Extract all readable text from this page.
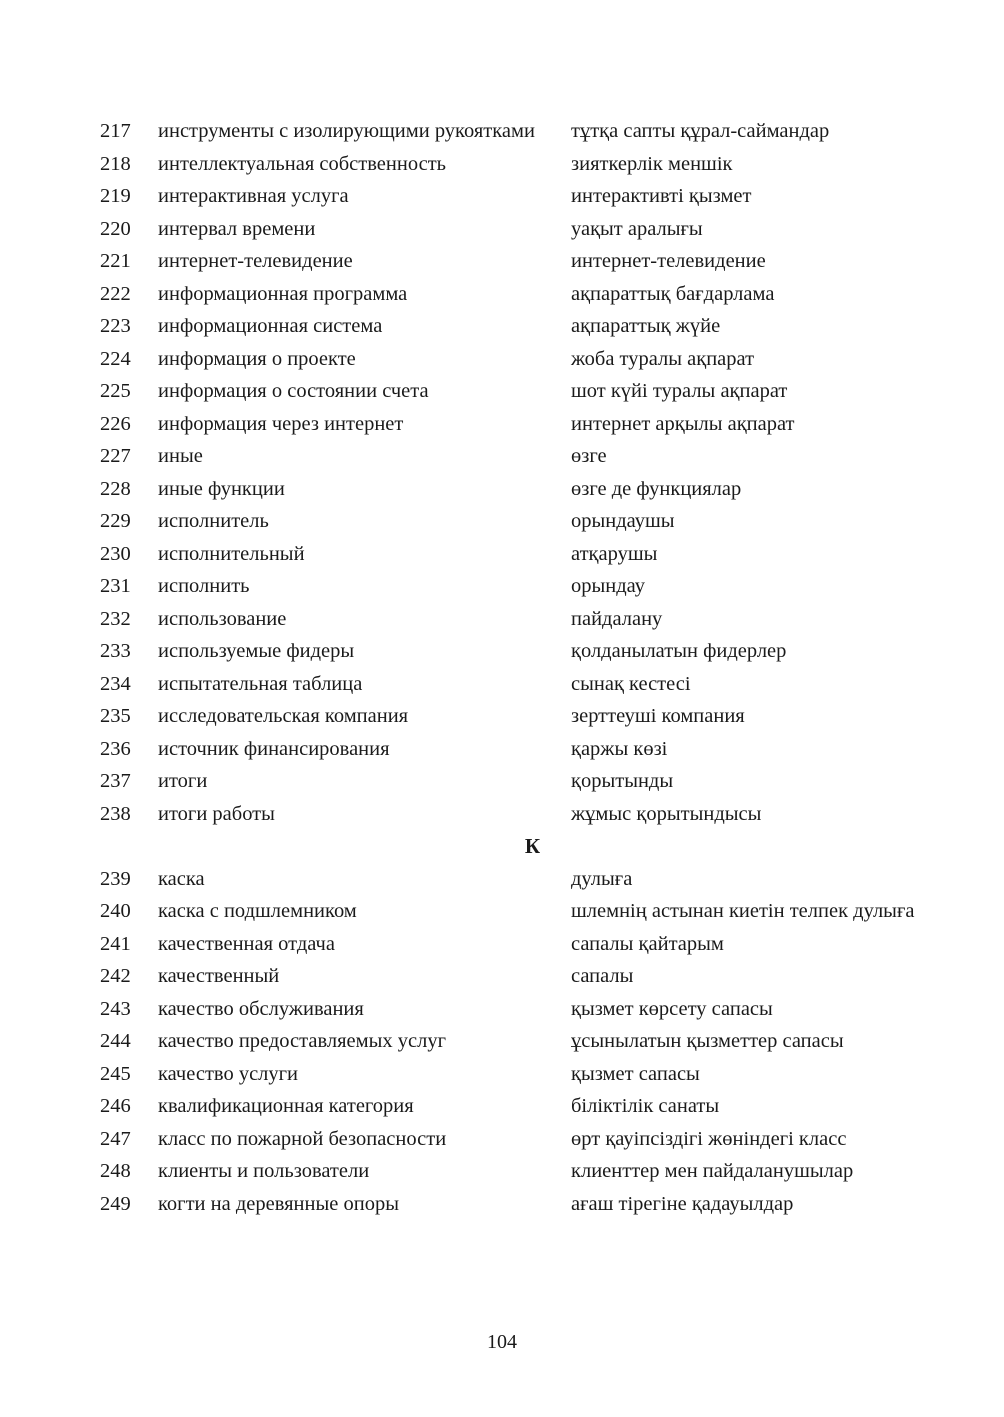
217	инструменты с изолирующими рукоятками	тұтқа сапты құрал-саймандар
218	интеллектуальная собственность	зияткерлік меншік
219	интерактивная услуга	интерактивті қызмет
220	интервал времени	уақыт аралығы
221	интернет-телевидение	интернет-телевидение
222	информационная программа	ақпараттық бағдарлама
223	информационная система	ақпараттық жүйе
224	информация о проекте	жоба туралы ақпарат
225	информация о состоянии счета	шот күйі туралы ақпарат
226	информация через интернет	интернет арқылы ақпарат
227	иные	өзге
228	иные функции	өзге де функциялар
229	исполнитель	орындаушы
230	исполнительный	атқарушы
231	исполнить	орындау
232	использование	пайдалану
233	используемые фидеры	қолданылатын фидерлер
234	испытательная таблица	сынақ кестесі
235	исследовательская компания	зерттеуші компания
236	источник финансирования	қаржы көзі
237	итоги	қорытынды
238	итоги работы	жұмыс қорытындысы
К
239	каска	дулыға
240	каска с подшлемником	шлемнің астынан киетін телпек дулыға
241	качественная отдача	сапалы қайтарым
242	качественный	сапалы
243	качество обслуживания	қызмет көрсету сапасы
244	качество предоставляемых услуг	ұсынылатын қызметтер сапасы
245	качество услуги	қызмет сапасы
246	квалификационная категория	біліктілік санаты
247	класс по пожарной безопасности	өрт қауіпсіздігі жөніндегі класс
248	клиенты и пользователи	клиенттер мен пайдаланушылар
249	когти на деревянные опоры	ағаш тірегіне қадауылдар
104
